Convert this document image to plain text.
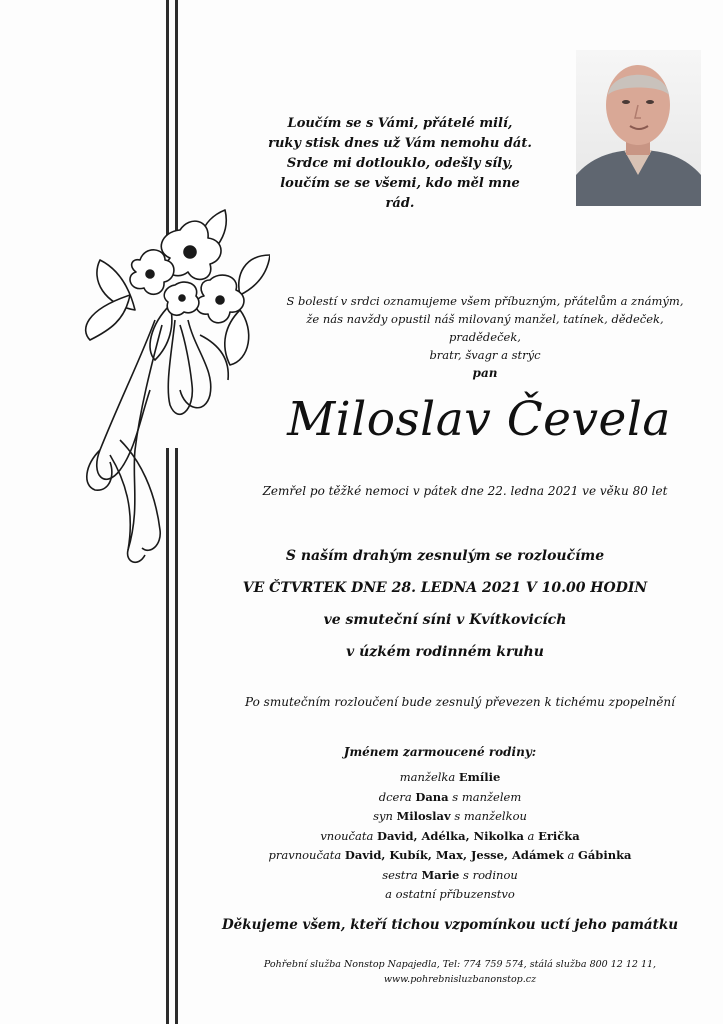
Loučím se s Vámi, přátelé milí,
ruky stisk dnes už Vám nemohu dát.
Srdce mi dotlouklo, odešly síly,
loučím se se všemi, kdo měl mne rád.
S bolestí v srdci oznamujeme všem příbuzným, přátelům a známým,
že nás navždy opustil náš milovaný manžel, tatínek, dědeček, pradědeček,
bratr, švagr a strýc
pan
Miloslav Čevela
Zemřel po těžké nemoci v pátek dne 22. ledna 2021 ve věku 80 let
S naším drahým zesnulým se rozloučíme
VE ČTVRTEK DNE 28. LEDNA 2021 V 10.00 HODIN
ve smuteční síni v Kvítkovicích
v úzkém rodinném kruhu
Po smutečním rozloučení bude zesnulý převezen k tichému zpopelnění
Jménem zarmoucené rodiny:
manželka Emílie
dcera Dana s manželem
syn Miloslav s manželkou
vnoučata David, Adélka, Nikolka a Erička
pravnoučata David, Kubík, Max, Jesse, Adámek a Gábinka
sestra Marie s rodinou
a ostatní příbuzenstvo
Děkujeme všem, kteří tichou vzpomínkou uctí jeho památku
Pohřební služba Nonstop Napajedla, Tel: 774 759 574, stálá služba 800 12 12 11,
www.pohrebnisluzbanonstop.cz
